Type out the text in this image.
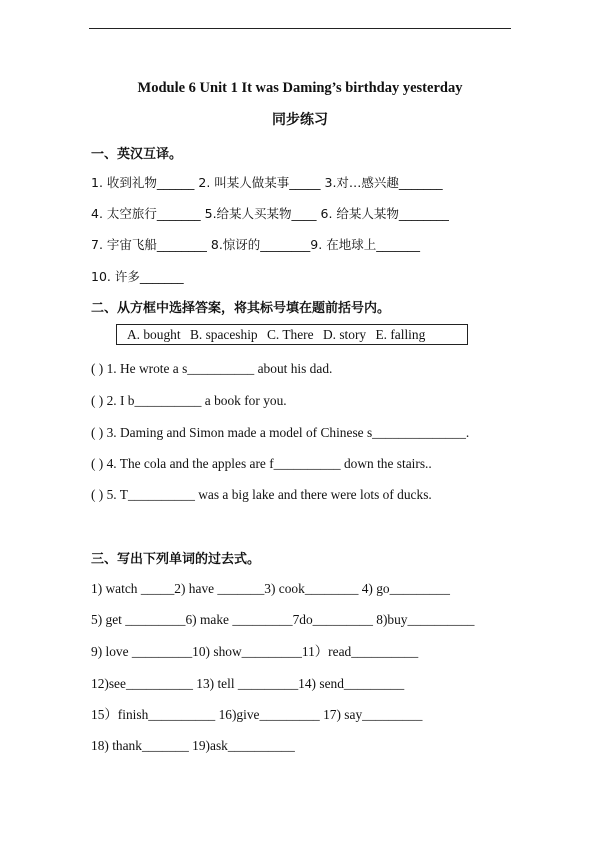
Module 6 Unit 1 It was Daming’s birthday yesterday
同步练习
一、英汉互译。
1. 收到礼物______ 2. 叫某人做某事_____ 3.对…感兴趣_______
4. 太空旅行_______ 5.给某人买某物____ 6. 给某人某物________
7. 宇宙飞船________ 8.惊讶的________9. 在地球上_______
10. 许多_______
二、从方框中选择答案，将其标号填在题前括号内。
A. bought B. spaceship C. There D. story E. falling
( ) 1. He wrote a s__________ about his dad.
( ) 2. I b__________ a book for you.
( ) 3. Daming and Simon made a model of Chinese s______________.
( ) 4. The cola and the apples are f__________ down the stairs..
( ) 5. T__________ was a big lake and there were lots of ducks.
三、写出下列单词的过去式。
1) watch _____2) have _______3) cook________ 4) go_________
5) get _________6) make _________7do_________ 8)buy__________
9) love _________10) show_________11）read__________
12)see__________ 13) tell _________14) send_________
15）finish__________ 16)give_________ 17) say_________
18) thank_______ 19)ask__________
